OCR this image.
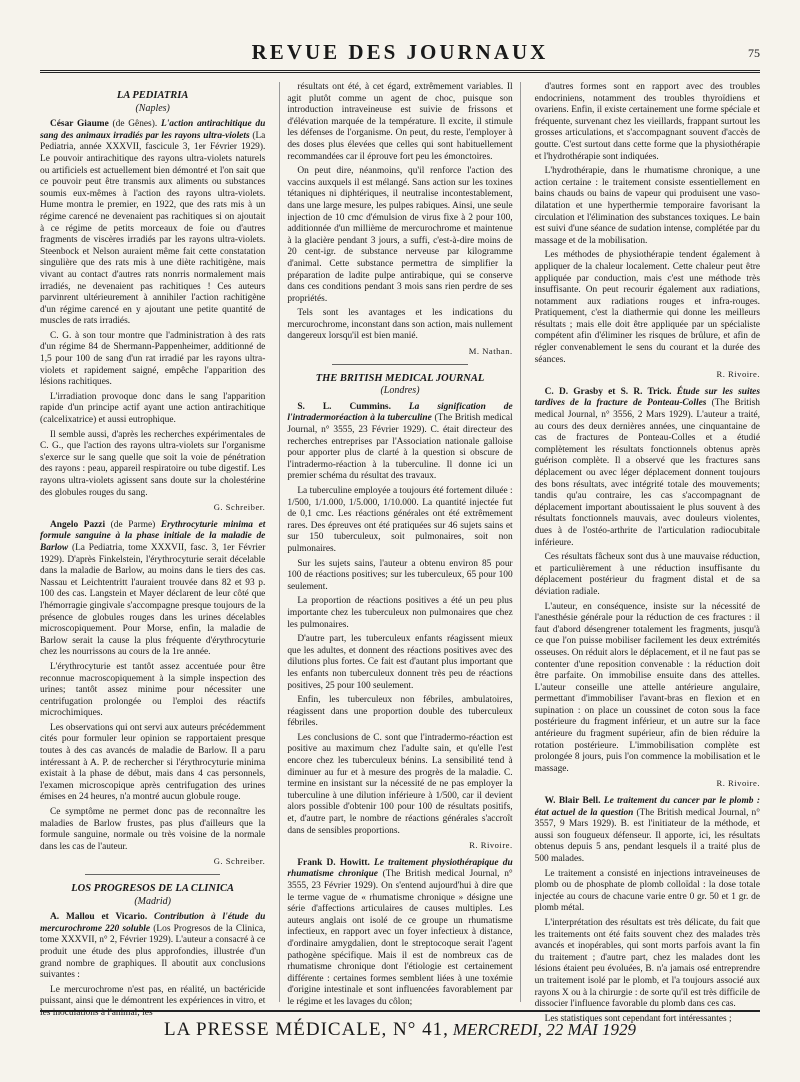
REVUE DES JOURNAUX	75
LA PEDIATRIA
(Naples)

César Giaume (de Gênes). L'action antirachitique du sang des animaux irradiés par les rayons ultra-violets (La Pediatria, année XXXVII, fascicule 3, 1er Février 1929). Le pouvoir antirachitique des rayons ultra-violets naturels ou artificiels est actuellement bien démontré et l'on sait que ce pouvoir peut être transmis aux aliments ou substances soumis eux-mêmes à l'action des rayons ultra-violets. Hume montra le premier, en 1922, que des rats mis à un régime carencé ne devenaient pas rachitiques si on ajoutait à ce régime de petits morceaux de foie ou d'autres fragments de viscères irradiés par les rayons ultra-violets. Steenbock et Nelson auraient même fait cette constatation singulière que des rats mis à une diète rachitigène, mais vivant au contact d'autres rats nonrris normalement mais irradiés, ne devenaient pas rachitiques ! Ces auteurs parvinrent ultérieurement à annihiler l'action rachitigène d'un régime carencé en y ajoutant une petite quantité de muscles de rats irradiés.

C. G. à son tour montre que l'administration à des rats d'un régime 84 de Shermann-Pappenheimer, additionné de 1,5 pour 100 de sang d'un rat irradié par les rayons ultra-violets et rapidement saigné, empêche l'apparition des lésions rachitiques.

L'irradiation provoque donc dans le sang l'apparition rapide d'un principe actif ayant une action antirachitique (calcelixatrice) et aussi eutrophique.

Il semble aussi, d'après les recherches expérimentales de C. G., que l'action des rayons ultra-violets sur l'organisme s'exerce sur le sang quelle que soit la voie de pénétration des rayons : peau, appareil respiratoire ou tube digestif. Les rayons ultra-violets agissent sans doute sur la cholestérine des globules rouges du sang.

G. Schreiber.

Angelo Pazzi (de Parme) Erythrocyturie minima et formule sanguine à la phase initiale de la maladie de Barlow (La Pediatria, tome XXXVII, fasc. 3, 1er Février 1929). D'après Finkelstein, l'érythrocyturie serait décelable dans la maladie de Barlow, au moins dans le tiers des cas. Nassau et Leichtentritt l'auraient trouvée dans 82 et 93 p. 100 des cas. Langstein et Mayer déclarent de leur côté que l'hémorragie gingivale s'accompagne presque toujours de la présence de globules rouges dans les urines décelables microscopiquement. Pour Morse, enfin, la maladie de Barlow serait la cause la plus fréquente d'érythrocyturie chez les nourrissons au cours de la 1re année.

L'érythrocyturie est tantôt assez accentuée pour être reconnue macroscopiquement à la simple inspection des urines; tantôt assez minime pour nécessiter une centrifugation prolongée ou l'emploi des réactifs microchimiques.

Les observations qui ont servi aux auteurs précédemment cités pour formuler leur opinion se rapportaient presque toutes à des cas avancés de maladie de Barlow. Il a paru intéressant à A. P. de rechercher si l'érythrocyturie minima existait à la phase de début, mais dans 4 cas personnels, l'examen microscopique après centrifugation des urines émises en 24 heures, n'a montré aucun globule rouge.

Ce symptôme ne permet donc pas de reconnaître les maladies de Barlow frustes, pas plus d'ailleurs que la formule sanguine, normale ou très voisine de la normale dans les cas de l'auteur.

G. Schreiber.
LOS PROGRESOS DE LA CLINICA
(Madrid)

A. Mallou et Vicario. Contribution à l'étude du mercurochrome 220 soluble (Los Progresos de la Clinica, tome XXXVII, n° 2, Février 1929). L'auteur a consacré à ce produit une étude des plus approfondies, illustrée d'un grand nombre de graphiques. Il aboutit aux conclusions suivantes :

Le mercurochrome n'est pas, en réalité, un bactéricide puissant, ainsi que le démontrent les expériences in vitro, et les inoculations à l'animal; les

résultats ont été, à cet égard, extrêmement variables. Il agit plutôt comme un agent de choc, puisque son introduction intraveineuse est suivie de frissons et d'élévation marquée de la température. Il excite, il stimule les défenses de l'organisme. On peut, du reste, l'employer à des doses plus élevées que celles qui sont habituellement recommandées car il éprouve fort peu les émonctoires.

On peut dire, néanmoins, qu'il renforce l'action des vaccins auxquels il est mélangé. Sans action sur les toxines tétaniques ni diphtériques, il neutralise incontestablement, dans une large mesure, les pulpes rabiques. Ainsi, une seule injection de 10 cmc d'émulsion de virus fixe à 2 pour 100, additionnée d'un millième de mercurochrome et maintenue à la glacière pendant 3 jours, a suffi, c'est-à-dire moins de 20 cent-igr. de substance nerveuse par kilogramme d'animal. Cette substance permettra de simplifier la préparation de ladite pulpe antirabique, qui se conserve dans ces conditions pendant 3 mois sans rien perdre de ses propriétés.

Tels sont les avantages et les indications du mercurochrome, inconstant dans son action, mais nullement dangereux lorsqu'il est bien manié.

M. Nathan.
THE BRITISH MEDICAL JOURNAL
(Londres)

S. L. Cummins. La signification de l'intradermoréaction à la tuberculine (The British medical Journal, n° 3555, 23 Février 1929). C. était directeur des recherches entreprises par l'Association nationale galloise pour apporter plus de clarté à la question si obscure de l'intradermo-réaction à la tuberculine. Il donne ici un premier schéma du résultat des travaux.

La tuberculine employée a toujours été fortement diluée : 1/500, 1/1.000, 1/5.000, 1/10.000. La quantité injectée fut de 0,1 cmc. Les réactions générales ont été extrêmement rares. Des épreuves ont été pratiquées sur 46 sujets sains et sur 150 tuberculeux, soit pulmonaires, soit non pulmonaires.

Sur les sujets sains, l'auteur a obtenu environ 85 pour 100 de réactions positives; sur les tuberculeux, 65 pour 100 seulement.

La proportion de réactions positives a été un peu plus importante chez les tuberculeux non pulmonaires que chez les pulmonaires.

D'autre part, les tuberculeux enfants réagissent mieux que les adultes, et donnent des réactions positives avec des dilutions plus fortes. Ce fait est d'autant plus important que les enfants non tuberculeux donnent très peu de réactions positives, 25 pour 100 seulement.

Enfin, les tuberculeux non fébriles, ambulatoires, réagissent dans une proportion double des tuberculeux fébriles.

Les conclusions de C. sont que l'intradermo-réaction est positive au maximum chez l'adulte sain, et qu'elle l'est encore chez les tuberculeux bénins. La sensibilité tend à diminuer au fur et à mesure des progrès de la maladie. C. termine en insistant sur la nécessité de ne pas employer la tuberculine à une dilution inférieure à 1/500, car il devient alors possible d'obtenir 100 pour 100 de résultats positifs, et, d'autre part, le nombre de réactions générales s'accroît dans de sensibles proportions.

R. Rivoire.

Frank D. Howitt. Le traitement physiothérapique du rhumatisme chronique (The British medical Journal, n° 3555, 23 Février 1929). On s'entend aujourd'hui à dire que le terme vague de « rhumatisme chronique » désigne une série d'affections articulaires de causes multiples. Les auteurs anglais ont isolé de ce groupe un rhumatisme infectieux, en rapport avec un foyer infectieux à distance, d'ordinaire amygdalien, dont le streptocoque serait l'agent pathogène spécifique. Mais il est de nombreux cas de rhumatisme chronique dont l'étiologie est certainement différente : certaines formes semblent liées à une toxémie d'origine intestinale et sont influencées favorablement par le régime et les lavages du côlon;

d'autres formes sont en rapport avec des troubles endocriniens, notamment des troubles thyroïdiens et ovariens. Enfin, il existe certainement une forme spéciale et fréquente, survenant chez les vieillards, frappant surtout les grosses articulations, et s'accompagnant souvent d'accès de goutte. C'est surtout dans cette forme que la physiothérapie et l'hydrothérapie sont indiquées.

L'hydrothérapie, dans le rhumatisme chronique, a une action certaine : le traitement consiste essentiellement en bains chauds ou bains de vapeur qui produisent une vaso-dilatation et une hyperthermie temporaire favorisant la circulation et l'élimination des substances toxiques. Le bain est suivi d'une séance de sudation intense, complétée par du massage et de la mobilisation.

Les méthodes de physiothérapie tendent également à appliquer de la chaleur localement. Cette chaleur peut être appliquée par conduction, mais c'est une méthode très insuffisante. On peut recourir également aux radiations, notamment aux radiations rouges et infra-rouges. Pratiquement, c'est la diathermie qui donne les meilleurs résultats ; mais elle doit être appliquée par un spécialiste compétent afin d'éliminer les risques de brûlure, et afin de régler convenablement le sens du courant et la durée des séances.

R. Rivoire.

C. D. Grasby et S. R. Trick. Étude sur les suites tardives de la fracture de Ponteau-Colles (The British medical Journal, n° 3556, 2 Mars 1929). L'auteur a traité, au cours des deux dernières années, une cinquantaine de cas de fractures de Ponteau-Colles et a étudié complètement les résultats fonctionnels obtenus après guérison complète. Il a observé que les fractures sans déplacement ou avec léger déplacement donnent toujours des bons résultats, avec intégrité totale des mouvements; tandis qu'au contraire, les cas s'accompagnant de déplacement important aboutissaient le plus souvent à des résultats fonctionnels mauvais, avec douleurs violentes, dues à de l'ostéo-arthrite de l'articulation radiocubitale inférieure.

Ces résultats fâcheux sont dus à une mauvaise réduction, et particulièrement à une réduction insuffisante du déplacement postérieur du fragment distal et de sa déviation radiale.

L'auteur, en conséquence, insiste sur la nécessité de l'anesthésie générale pour la réduction de ces fractures : il faut d'abord désengrener totalement les fragments, jusqu'à ce que l'on puisse mobiliser facilement les deux extrémités osseuses. On réduit alors le déplacement, et il ne faut pas se contenter d'une reposition convenable : la réduction doit être parfaite. On immobilise ensuite dans des attelles. L'auteur conseille une attelle antérieure angulaire, permettant d'immobiliser l'avant-bras en flexion et en supination : on place un coussinet de coton sous la face postérieure du fragment inférieur, et un autre sur la face antérieure du fragment supérieur, afin de bien réduire la rotation postérieure. L'immobilisation complète est prolongée 8 jours, puis l'on commence la mobilisation et le massage.

R. Rivoire.

W. Blair Bell. Le traitement du cancer par le plomb : état actuel de la question (The British medical Journal, n° 3557, 9 Mars 1929). B. est l'initiateur de la méthode, et aussi son fougueux défenseur. Il apporte, ici, les résultats obtenus depuis 5 ans, pendant lesquels il a traité plus de 500 malades.

Le traitement a consisté en injections intraveineuses de plomb ou de phosphate de plomb colloïdal : la dose totale injectée au cours de chacune varie entre 0 gr. 50 et 1 gr. de plomb métal.

L'interprétation des résultats est très délicate, du fait que les traitements ont été faits souvent chez des malades très avancés et inopérables, qui sont morts parfois avant la fin du traitement ; d'autre part, chez les malades dont les lésions étaient peu évoluées, B. n'a jamais osé entreprendre un traitement isolé par le plomb, et l'a toujours associé aux rayons X ou à la chirurgie : de sorte qu'il est très difficile de dissocier l'influence favorable du plomb dans ces cas.

Les statistiques sont cependant fort intéressantes ;

LA PRESSE MÉDICALE, N° 41, MERCREDI, 22 MAI 1929
